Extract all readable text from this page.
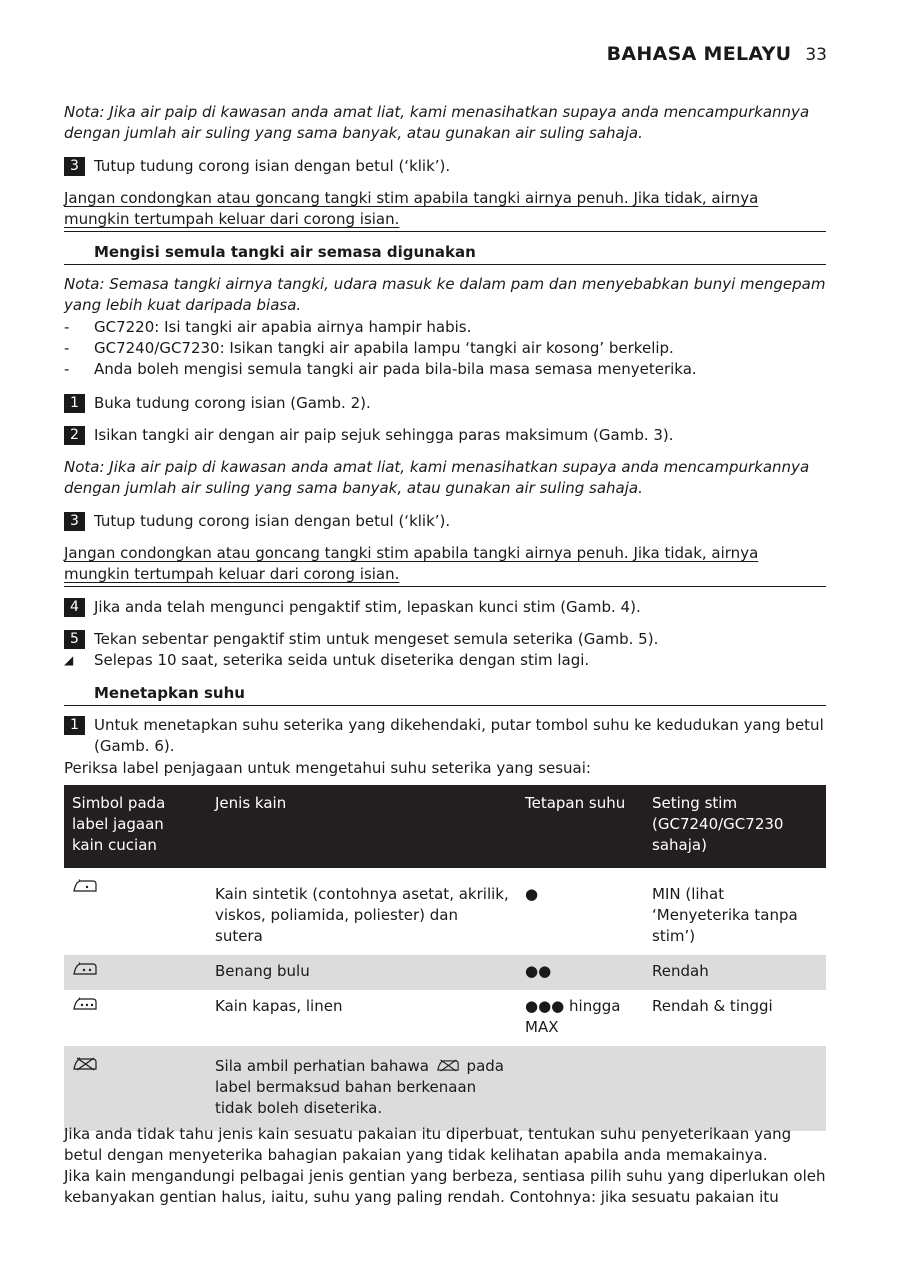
BAHASA MELAYU 33
Nota: Jika air paip di kawasan anda amat liat, kami menasihatkan supaya anda mencampurkannya dengan jumlah air suling yang sama banyak, atau gunakan air suling sahaja.
3	Tutup tudung corong isian dengan betul (‘klik’).
Jangan condongkan atau goncang tangki stim apabila tangki airnya penuh. Jika tidak, airnya mungkin tertumpah keluar dari corong isian.
Mengisi semula tangki air semasa digunakan
Nota: Semasa tangki airnya tangki, udara masuk ke dalam pam dan menyebabkan bunyi mengepam yang lebih kuat daripada biasa.
-	GC7220: Isi tangki air apabia airnya hampir habis.
-	GC7240/GC7230: Isikan tangki air apabila lampu ‘tangki air kosong’ berkelip.
-	Anda boleh mengisi semula tangki air pada bila-bila masa semasa menyeterika.
1	Buka tudung corong isian (Gamb. 2).
2	Isikan tangki air dengan air paip sejuk sehingga paras maksimum (Gamb. 3).
Nota: Jika air paip di kawasan anda amat liat, kami menasihatkan supaya anda mencampurkannya dengan jumlah air suling yang sama banyak, atau gunakan air suling sahaja.
3	Tutup tudung corong isian dengan betul (‘klik’).
Jangan condongkan atau goncang tangki stim apabila tangki airnya penuh. Jika tidak, airnya mungkin tertumpah keluar dari corong isian.
4	Jika anda telah mengunci pengaktif stim, lepaskan kunci stim (Gamb. 4).
5	Tekan sebentar pengaktif stim untuk mengeset semula seterika (Gamb. 5).
◢	Selepas 10 saat, seterika seida untuk diseterika dengan stim lagi.
Menetapkan suhu
1	Untuk menetapkan suhu seterika yang dikehendaki, putar tombol suhu ke kedudukan yang betul (Gamb. 6).
Periksa label penjagaan untuk mengetahui suhu seterika yang sesuai:
Simbol pada label jagaan kain cucian	Jenis kain	Tetapan suhu	Seting stim (GC7240/GC7230 sahaja)
	Kain sintetik (contohnya asetat, akrilik, viskos, poliamida, poliester) dan sutera	●	MIN (lihat ‘Menyeterika tanpa stim’)
	Benang bulu	●●	Rendah
	Kain kapas, linen	●●● hingga MAX	Rendah & tinggi
	Sila ambil perhatian bahawa pada label bermaksud bahan berkenaan tidak boleh diseterika.		
Jika anda tidak tahu jenis kain sesuatu pakaian itu diperbuat, tentukan suhu penyeterikaan yang betul dengan menyeterika bahagian pakaian yang tidak kelihatan apabila anda memakainya.
Jika kain mengandungi pelbagai jenis gentian yang berbeza, sentiasa pilih suhu yang diperlukan oleh kebanyakan gentian halus, iaitu, suhu yang paling rendah. Contohnya: jika sesuatu pakaian itu
